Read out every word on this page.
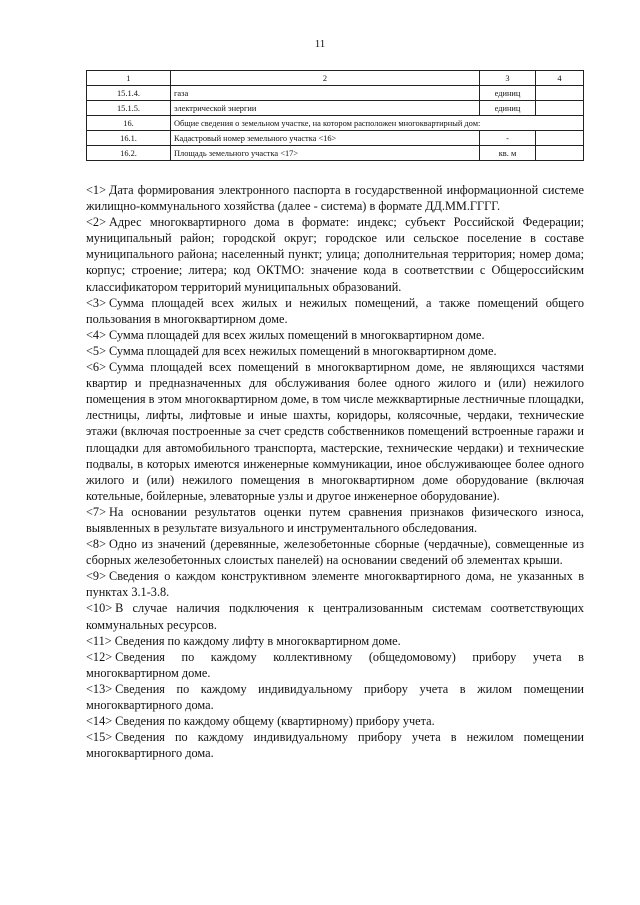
11
1	2	3	4
15.1.4.	газа	единиц	
15.1.5.	электрической энергии	единиц	
16.	Общие сведения о земельном участке, на котором расположен многоквартирный дом:		
16.1.	Кадастровый номер земельного участка <16>	-	
16.2.	Площадь земельного участка <17>	кв. м	

<1> Дата формирования электронного паспорта в государственной информационной системе жилищно-коммунального хозяйства (далее - система) в формате ДД.ММ.ГГГГ.

<2> Адрес многоквартирного дома в формате: индекс; субъект Российской Федерации; муниципальный район; городской округ; городское или сельское поселение в составе муниципального района; населенный пункт; улица; дополнительная территория; номер дома; корпус; строение; литера; код ОКТМО: значение кода в соответствии с Общероссийским классификатором территорий муниципальных образований.

<3> Сумма площадей всех жилых и нежилых помещений, а также помещений общего пользования в многоквартирном доме.

<4> Сумма площадей для всех жилых помещений в многоквартирном доме.

<5> Сумма площадей для всех нежилых помещений в многоквартирном доме.

<6> Сумма площадей всех помещений в многоквартирном доме, не являющихся частями квартир и предназначенных для обслуживания более одного жилого и (или) нежилого помещения в этом многоквартирном доме, в том числе межквартирные лестничные площадки, лестницы, лифты, лифтовые и иные шахты, коридоры, колясочные, чердаки, технические этажи (включая построенные за счет средств собственников помещений встроенные гаражи и площадки для автомобильного транспорта, мастерские, технические чердаки) и технические подвалы, в которых имеются инженерные коммуникации, иное обслуживающее более одного жилого и (или) нежилого помещения в многоквартирном доме оборудование (включая котельные, бойлерные, элеваторные узлы и другое инженерное оборудование).

<7> На основании результатов оценки путем сравнения признаков физического износа, выявленных в результате визуального и инструментального обследования.

<8> Одно из значений (деревянные, железобетонные сборные (чердачные), совмещенные из сборных железобетонных слоистых панелей) на основании сведений об элементах крыши.

<9> Сведения о каждом конструктивном элементе многоквартирного дома, не указанных в пунктах 3.1-3.8.

<10> В случае наличия подключения к централизованным системам соответствующих коммунальных ресурсов.

<11> Сведения по каждому лифту в многоквартирном доме.

<12> Сведения по каждому коллективному (общедомовому) прибору учета в многоквартирном доме.

<13> Сведения по каждому индивидуальному прибору учета в жилом помещении многоквартирного дома.

<14> Сведения по каждому общему (квартирному) прибору учета.

<15> Сведения по каждому индивидуальному прибору учета в нежилом помещении многоквартирного дома.
